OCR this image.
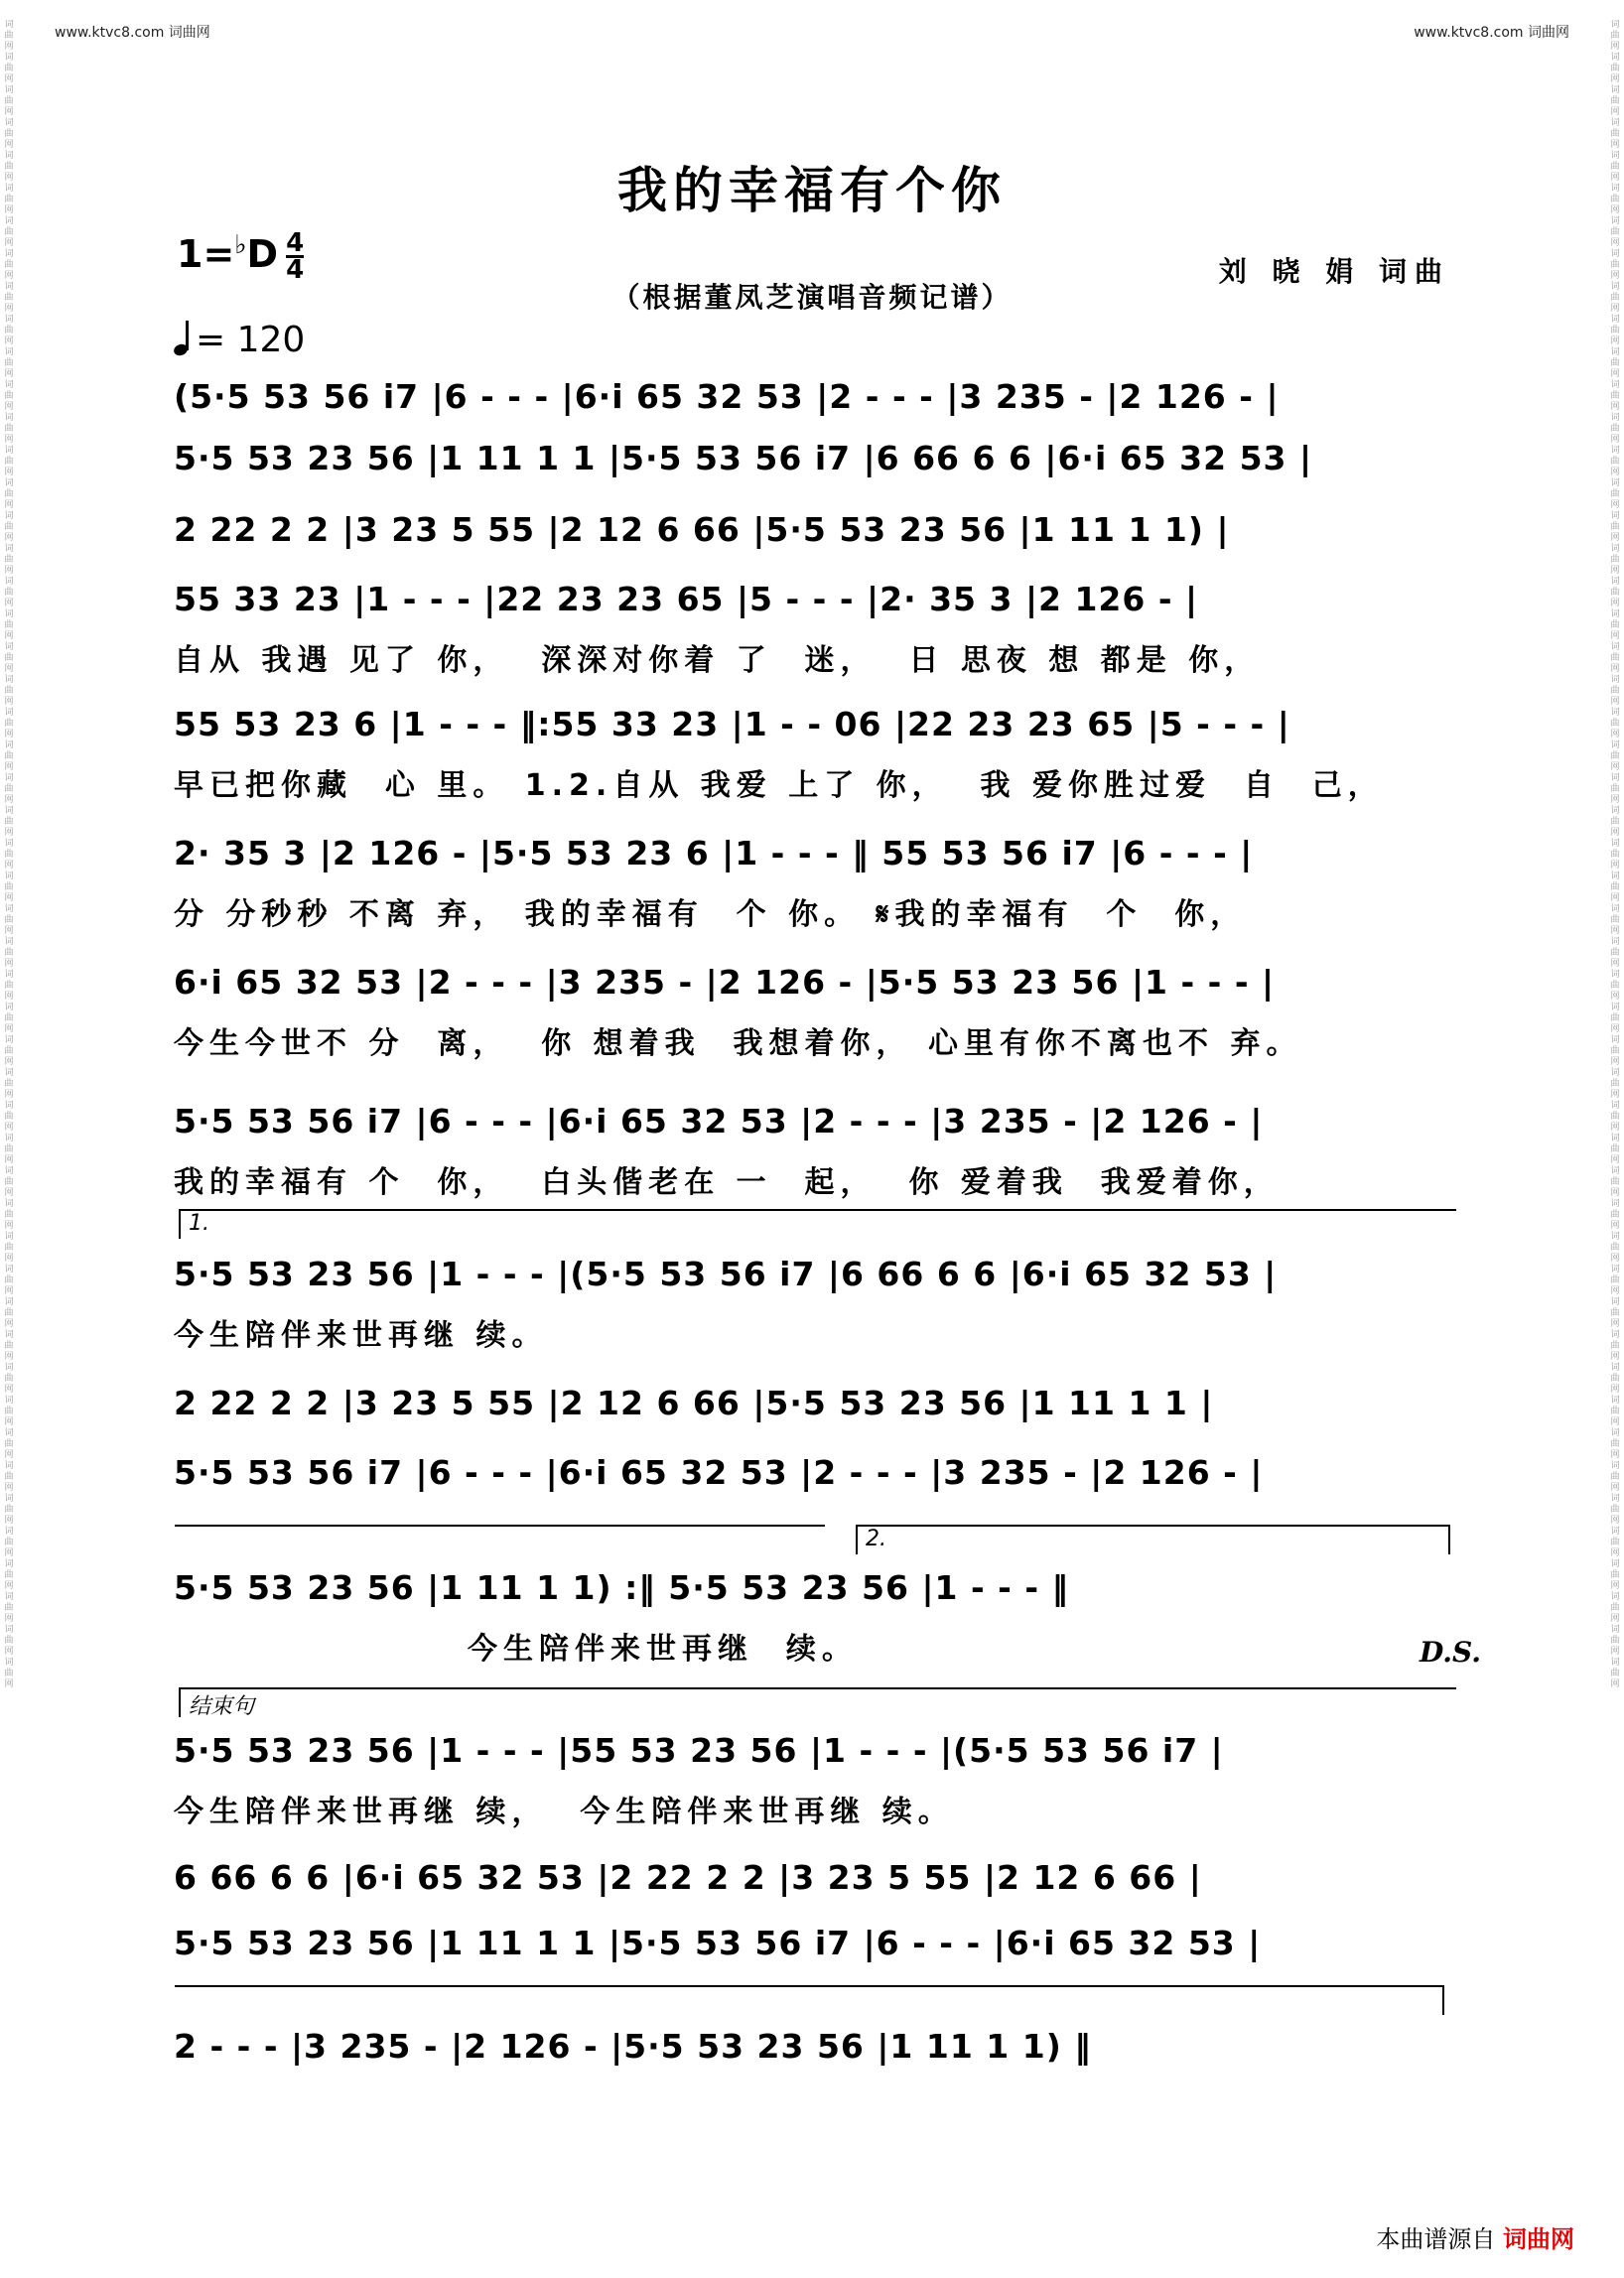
词曲网词曲网词曲网词曲网词曲网词曲网词曲网词曲网词曲网词曲网词曲网词曲网词曲网词曲网词曲网词曲网词曲网词曲网词曲网词曲网词曲网词曲网词曲网词曲网词曲网词曲网词曲网词曲网词曲网词曲网词曲网词曲网词曲网词曲网词曲网词曲网词曲网词曲网词曲网词曲网词曲网词曲网词曲网词曲网词曲网词曲网词曲网词曲网词曲网词曲网词曲网
词曲网词曲网词曲网词曲网词曲网词曲网词曲网词曲网词曲网词曲网词曲网词曲网词曲网词曲网词曲网词曲网词曲网词曲网词曲网词曲网词曲网词曲网词曲网词曲网词曲网词曲网词曲网词曲网词曲网词曲网词曲网词曲网词曲网词曲网词曲网词曲网词曲网词曲网词曲网词曲网词曲网词曲网词曲网词曲网词曲网词曲网词曲网词曲网词曲网词曲网词曲网
www.ktvc8.com 词曲网	www.ktvc8.com 词曲网
我的幸福有个你
$1=^♭D \frac{4}{4}$	刘 晓 娟 词曲
（根据董凤芝演唱音频记谱）
= 120
(5·5 53 56 i7 |6 - - - |6·i 65 32 53 |2 - - - |3 235 - |2 126 - |
5·5 53 23 56 |1 11 1 1 |5·5 53 56 i7 |6 66 6 6 |6·i 65 32 53 |
2 22 2 2 |3 23 5 55 |2 12 6 66 |5·5 53 23 56 |1 11 1 1) |
55 33 23 |1 - - - |22 23 23 65 |5 - - - |2· 35 3 |2 126 - |
自从 我遇 见了 你，  深深对你着 了  迷，  日 思夜 想 都是 你，
55 53 23 6 |1 - - - ‖:55 33 23 |1 - - 06 |22 23 23 65 |5 - - - |
早已把你藏  心 里。 1.2.自从 我爱 上了 你，  我 爱你胜过爱  自  己，
2· 35 3 |2 126 - |5·5 53 23 6 |1 - - - ‖ 55 53 56 i7 |6 - - - |
分 分秒秒 不离 弃， 我的幸福有  个 你。 𝄋我的幸福有  个  你，
6·i 65 32 53 |2 - - - |3 235 - |2 126 - |5·5 53 23 56 |1 - - - |
今生今世不 分  离，  你 想着我  我想着你， 心里有你不离也不 弃。
5·5 53 56 i7 |6 - - - |6·i 65 32 53 |2 - - - |3 235 - |2 126 - |
我的幸福有 个  你，  白头偕老在 一  起，  你 爱着我  我爱着你，
1.
5·5 53 23 56 |1 - - - |(5·5 53 56 i7 |6 66 6 6 |6·i 65 32 53 |
今生陪伴来世再继 续。
2 22 2 2 |3 23 5 55 |2 12 6 66 |5·5 53 23 56 |1 11 1 1 |
5·5 53 56 i7 |6 - - - |6·i 65 32 53 |2 - - - |3 235 - |2 126 - |
2.
5·5 53 23 56 |1 11 1 1) :‖ 5·5 53 23 56 |1 - - - ‖
今生陪伴来世再继  续。	D.S.
结束句
5·5 53 23 56 |1 - - - |55 53 23 56 |1 - - - |(5·5 53 56 i7 |
今生陪伴来世再继 续，  今生陪伴来世再继 续。
6 66 6 6 |6·i 65 32 53 |2 22 2 2 |3 23 5 55 |2 12 6 66 |
5·5 53 23 56 |1 11 1 1 |5·5 53 56 i7 |6 - - - |6·i 65 32 53 |
2 - - - |3 235 - |2 126 - |5·5 53 23 56 |1 11 1 1) ‖
本曲谱源自 词曲网
